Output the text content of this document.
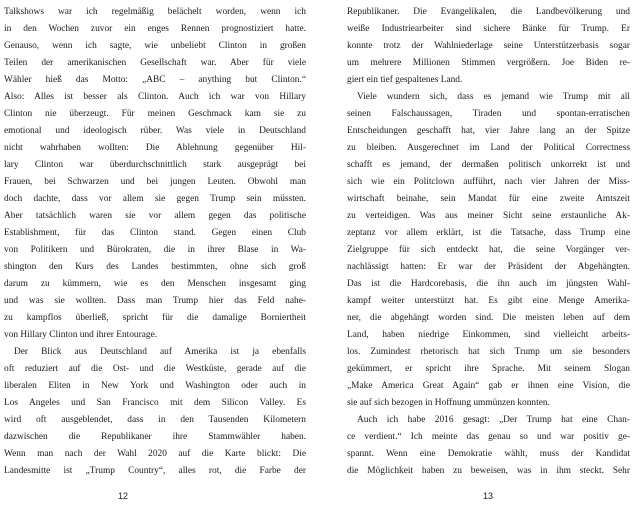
Talkshows war ich regelmäßig belächelt worden, wenn ich
in den Wochen zuvor ein enges Rennen prognostiziert hatte.
Genauso, wenn ich sagte, wie unbeliebt Clinton in großen
Teilen der amerikanischen Gesellschaft war. Aber für viele
Wähler hieß das Motto: „ABC – anything but Clinton.“
Also: Alles ist besser als Clinton. Auch ich war von Hillary
Clinton nie überzeugt. Für meinen Geschmack kam sie zu
emotional und ideologisch rüber. Was viele in Deutschland
nicht wahrhaben wollten: Die Ablehnung gegenüber Hil-
lary Clinton war überdurchschnittlich stark ausgeprägt bei
Frauen, bei Schwarzen und bei jungen Leuten. Obwohl man
doch dachte, dass vor allem sie gegen Trump sein müssten.
Aber tatsächlich waren sie vor allem gegen das politische
Establishment, für das Clinton stand. Gegen einen Club
von Politikern und Bürokraten, die in ihrer Blase in Wa-
shington den Kurs des Landes bestimmten, ohne sich groß
darum zu kümmern, wie es den Menschen insgesamt ging
und was sie wollten. Dass man Trump hier das Feld nahe-
zu kampflos überließ, spricht für die damalige Borniertheit
von Hillary Clinton und ihrer Entourage.
Der Blick aus Deutschland auf Amerika ist ja ebenfalls
oft reduziert auf die Ost- und die Westküste, gerade auf die
liberalen Eliten in New York und Washington oder auch in
Los Angeles und San Francisco mit dem Silicon Valley. Es
wird oft ausgeblendet, dass in den Tausenden Kilometern
dazwischen die Republikaner ihre Stammwähler haben.
Wenn man nach der Wahl 2020 auf die Karte blickt: Die
Landesmitte ist „Trump Country“, alles rot, die Farbe der
12
Republikaner. Die Evangelikalen, die Landbevölkerung und
weiße Industriearbeiter sind sichere Bänke für Trump. Er
konnte trotz der Wahlniederlage seine Unterstützerbasis sogar
um mehrere Millionen Stimmen vergrößern. Joe Biden re-
giert ein tief gespaltenes Land.
Viele wundern sich, dass es jemand wie Trump mit all
seinen Falschaussagen, Tiraden und spontan-erratischen
Entscheidungen geschafft hat, vier Jahre lang an der Spitze
zu bleiben. Ausgerechnet im Land der Political Correctness
schafft es jemand, der dermaßen politisch unkorrekt ist und
sich wie ein Politclown aufführt, nach vier Jahren der Miss-
wirtschaft beinahe, sein Mandat für eine zweite Amtszeit
zu verteidigen. Was aus meiner Sicht seine erstaunliche Ak-
zeptanz vor allem erklärt, ist die Tatsache, dass Trump eine
Zielgruppe für sich entdeckt hat, die seine Vorgänger ver-
nachlässigt hatten: Er war der Präsident der Abgehängten.
Das ist die Hardcorebasis, die ihn auch im jüngsten Wahl-
kampf weiter unterstützt hat. Es gibt eine Menge Amerika-
ner, die abgehängt worden sind. Die meisten leben auf dem
Land, haben niedrige Einkommen, sind vielleicht arbeits-
los. Zumindest rhetorisch hat sich Trump um sie besonders
gekümmert, er spricht ihre Sprache. Mit seinem Slogan
„Make America Great Again“ gab er ihnen eine Vision, die
sie auf sich bezogen in Hoffnung ummünzen konnten.
Auch ich habe 2016 gesagt: „Der Trump hat eine Chan-
ce verdient.“ Ich meinte das genau so und war positiv ge-
spannt. Wenn eine Demokratie wählt, muss der Kandidat
die Möglichkeit haben zu beweisen, was in ihm steckt. Sehr
13
